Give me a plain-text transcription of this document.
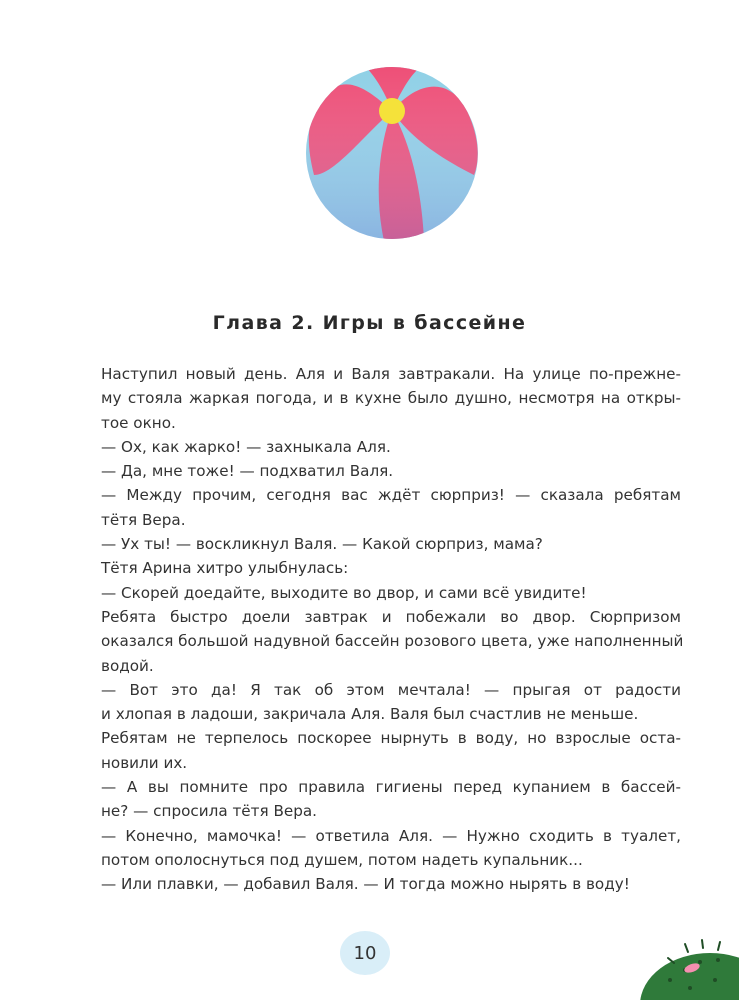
Глава 2. Игры в бассейне
Наступил новый день. Аля и Валя завтракали. На улице по-прежне-
му стояла жаркая погода, и в кухне было душно, несмотря на откры-
тое окно.
— Ох, как жарко! — захныкала Аля.
— Да, мне тоже! — подхватил Валя.
— Между прочим, сегодня вас ждёт сюрприз! — сказала ребятам
тётя Вера.
— Ух ты! — воскликнул Валя. — Какой сюрприз, мама?
Тётя Арина хитро улыбнулась:
— Скорей доедайте, выходите во двор, и сами всё увидите!
Ребята быстро доели завтрак и побежали во двор. Сюрпризом
оказался большой надувной бассейн розового цвета, уже наполненный
водой.
— Вот это да! Я так об этом мечтала! — прыгая от радости
и хлопая в ладоши, закричала Аля. Валя был счастлив не меньше.
Ребятам не терпелось поскорее нырнуть в воду, но взрослые оста-
новили их.
— А вы помните про правила гигиены перед купанием в бассей-
не? — спросила тётя Вера.
— Конечно, мамочка! — ответила Аля. — Нужно сходить в туалет,
потом ополоснуться под душем, потом надеть купальник...
— Или плавки, — добавил Валя. — И тогда можно нырять в воду!
10
